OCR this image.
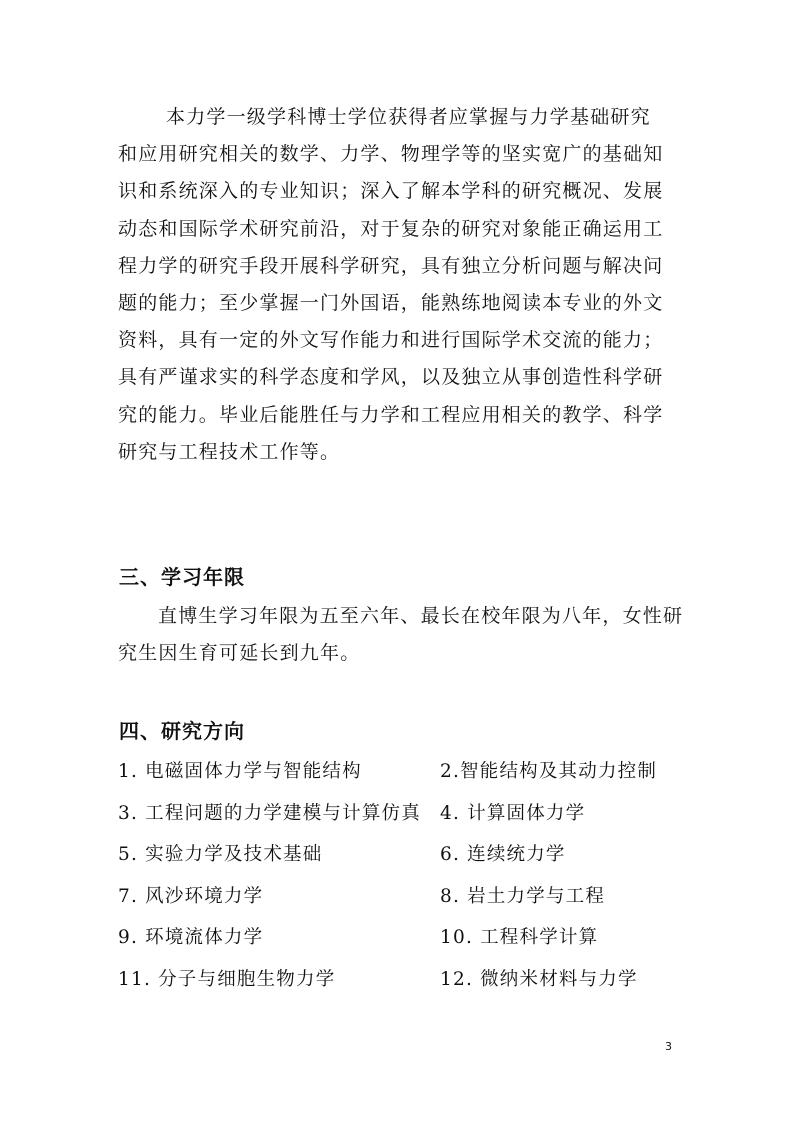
本力学一级学科博士学位获得者应掌握与力学基础研究
和应用研究相关的数学、力学、物理学等的坚实宽广的基础知
识和系统深入的专业知识；深入了解本学科的研究概况、发展
动态和国际学术研究前沿，对于复杂的研究对象能正确运用工
程力学的研究手段开展科学研究，具有独立分析问题与解决问
题的能力；至少掌握一门外国语，能熟练地阅读本专业的外文
资料，具有一定的外文写作能力和进行国际学术交流的能力；
具有严谨求实的科学态度和学风，以及独立从事创造性科学研
究的能力。毕业后能胜任与力学和工程应用相关的教学、科学
研究与工程技术工作等。
三、学习年限
直博生学习年限为五至六年、最长在校年限为八年，女性研
究生因生育可延长到九年。
四、研究方向
1. 电磁固体力学与智能结构	2.智能结构及其动力控制
3. 工程问题的力学建模与计算仿真 4. 计算固体力学
5. 实验力学及技术基础	6. 连续统力学
7. 风沙环境力学	8. 岩土力学与工程
9. 环境流体力学	10. 工程科学计算
11. 分子与细胞生物力学	12. 微纳米材料与力学

3
